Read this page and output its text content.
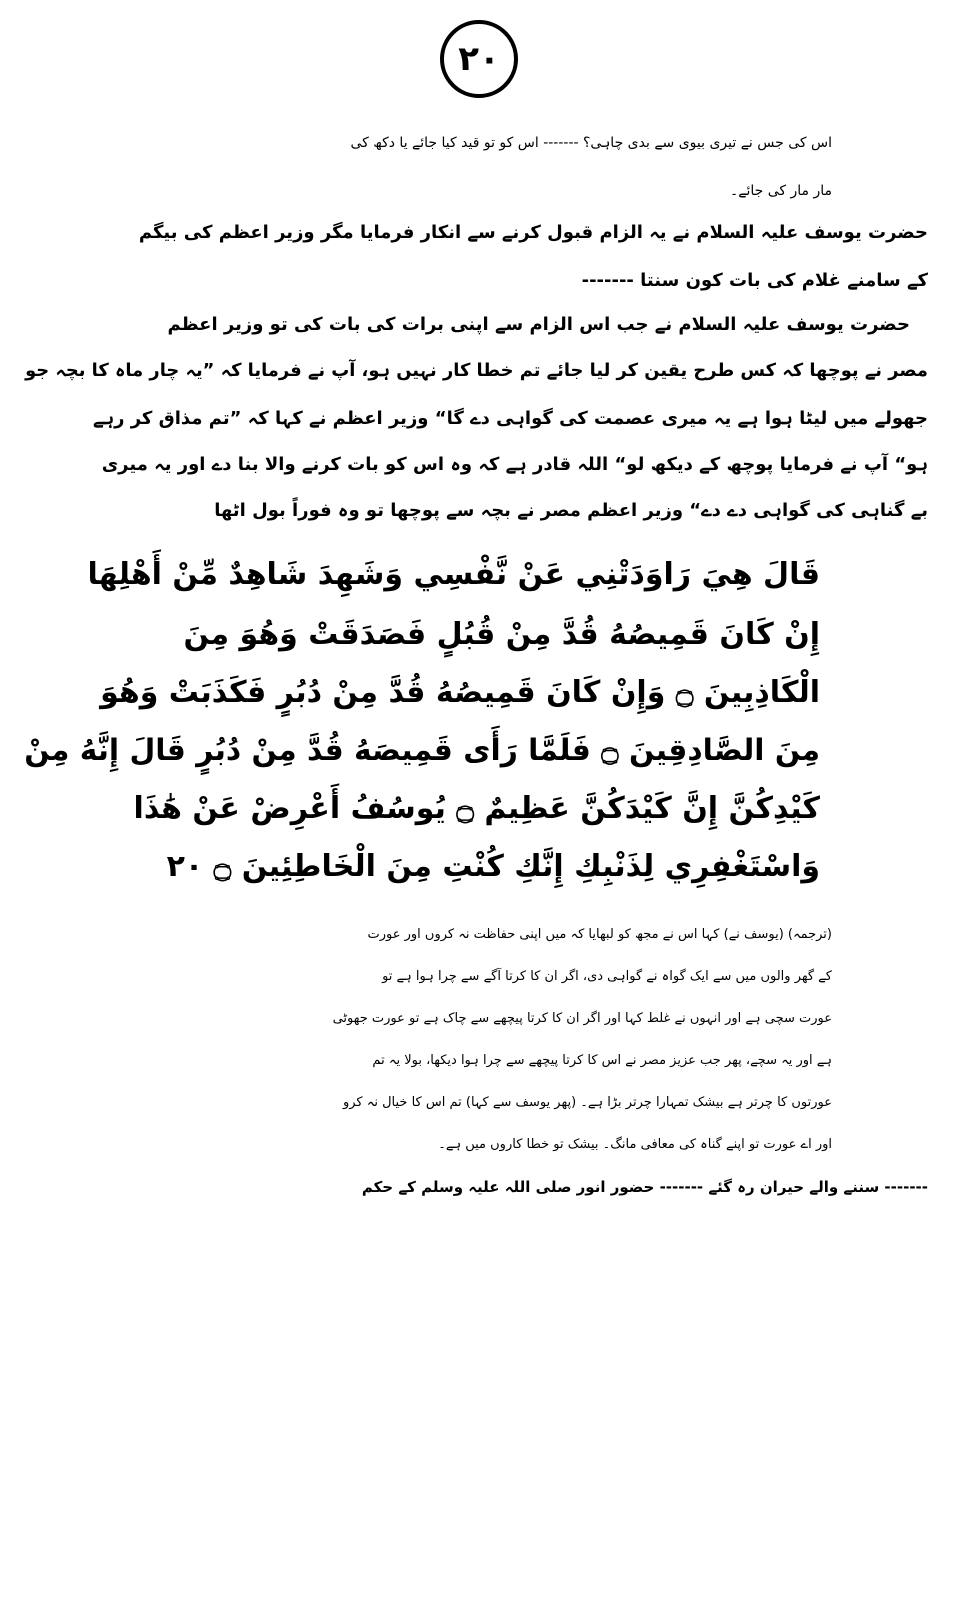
۲۰
اس کی جس نے تیری بیوی سے بدی چاہی؟ ------- اس کو تو قید کیا جائے یا دکھ کی
مار مار کی جائے۔
حضرت یوسف علیہ السلام نے یہ الزام قبول کرنے سے انکار فرمایا مگر وزیر اعظم کی بیگم
کے سامنے غلام کی بات کون سنتا -------
حضرت یوسف علیہ السلام نے جب اس الزام سے اپنی برات کی بات کی تو وزیر اعظم
مصر نے پوچھا کہ کس طرح یقین کر لیا جائے تم خطا کار نہیں ہو، آپ نے فرمایا کہ ”یہ چار ماہ کا بچہ جو
جھولے میں لیٹا ہوا ہے یہ میری عصمت کی گواہی دے گا“ وزیر اعظم نے کہا کہ ”تم مذاق کر رہے
ہو“ آپ نے فرمایا پوچھ کے دیکھ لو“ اللہ قادر ہے کہ وہ اس کو بات کرنے والا بنا دے اور یہ میری
بے گناہی کی گواہی دے دے“ وزیر اعظم مصر نے بچہ سے پوچھا تو وہ فوراً بول اٹھا
قَالَ هِيَ رَاوَدَتْنِي عَنْ نَّفْسِي وَشَهِدَ شَاهِدٌ مِّنْ أَهْلِهَا
إِنْ كَانَ قَمِيصُهُ قُدَّ مِنْ قُبُلٍ فَصَدَقَتْ وَهُوَ مِنَ
الْكَاذِبِينَ ۝ وَإِنْ كَانَ قَمِيصُهُ قُدَّ مِنْ دُبُرٍ فَكَذَبَتْ وَهُوَ
مِنَ الصَّادِقِينَ ۝ فَلَمَّا رَأَى قَمِيصَهُ قُدَّ مِنْ دُبُرٍ قَالَ إِنَّهُ مِنْ
كَيْدِكُنَّ إِنَّ كَيْدَكُنَّ عَظِيمٌ ۝ يُوسُفُ أَعْرِضْ عَنْ هَٰذَا
وَاسْتَغْفِرِي لِذَنْبِكِ إِنَّكِ كُنْتِ مِنَ الْخَاطِئِينَ ۝ ٢٠
(ترجمہ) (یوسف نے) کہا اس نے مجھ کو لبھایا کہ میں اپنی حفاظت نہ کروں اور عورت
کے گھر والوں میں سے ایک گواہ نے گواہی دی، اگر ان کا کرتا آگے سے چرا ہوا ہے تو
عورت سچی ہے اور انہوں نے غلط کہا اور اگر ان کا کرتا پیچھے سے چاک ہے تو عورت جھوٹی
ہے اور یہ سچے، پھر جب عزیز مصر نے اس کا کرتا پیچھے سے چرا ہوا دیکھا، بولا یہ تم
عورتوں کا چرتر ہے بیشک تمہارا چرتر بڑا ہے۔ (پھر یوسف سے کہا) تم اس کا خیال نہ کرو
اور اے عورت تو اپنے گناہ کی معافی مانگ۔ بیشک تو خطا کاروں میں ہے۔
------- سننے والے حیران رہ گئے ------- حضور انور صلی اللہ علیہ وسلم کے حکم
